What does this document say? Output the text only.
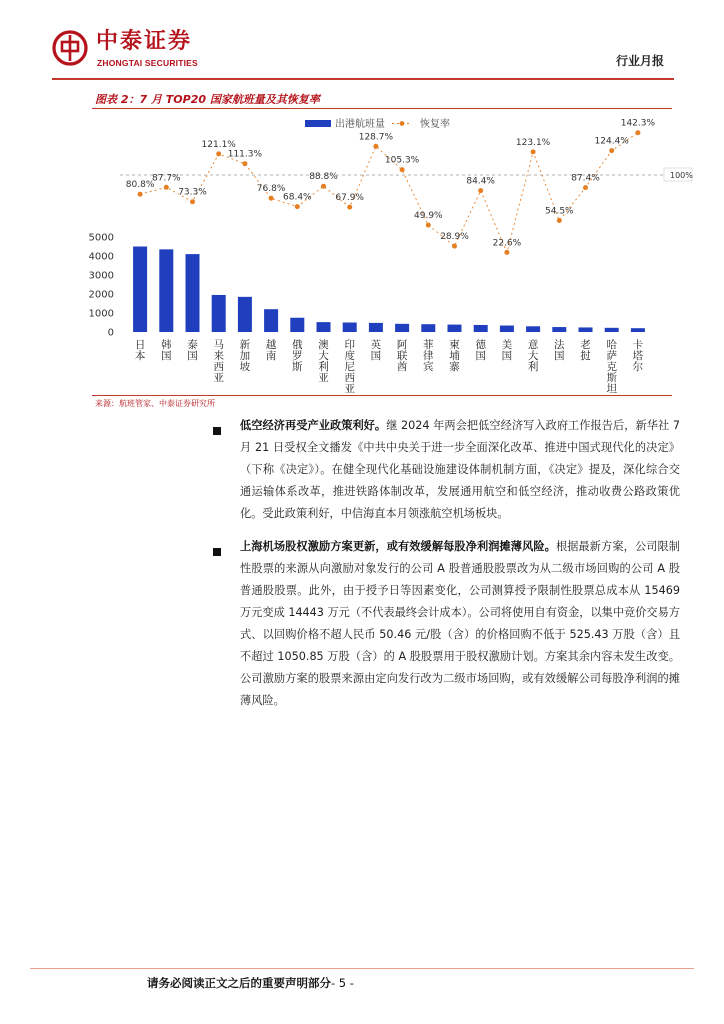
中泰证券
ZHONGTAI SECURITIES	行业月报
图表 2：7 月 TOP20 国家航班量及其恢复率
出港航班量	恢复率
100%
5000
4000
3000
2000
1000
0
80.8%
87.7%
73.3%
121.1%
111.3%
76.8%
68.4%
88.8%
67.9%
128.7%
105.3%
49.9%
28.9%
84.4%
22.6%
123.1%
54.5%
87.4%
124.4%
142.3%
日本
韩国
泰国
马来西亚
新加坡
越南
俄罗斯
澳大利亚
印度尼西亚
英国
阿联酋
菲律宾
柬埔寨
德国
美国
意大利
法国
老挝
哈萨克斯坦
卡塔尔
来源：航班管家、中泰证券研究所
低空经济再受产业政策利好。继 2024 年两会把低空经济写入政府工作报告后，新华社 7 月 21 日受权全文播发《中共中央关于进一步全面深化改革、推进中国式现代化的决定》（下称《决定》）。在健全现代化基础设施建设体制机制方面，《决定》提及，深化综合交通运输体系改革，推进铁路体制改革，发展通用航空和低空经济，推动收费公路政策优化。受此政策利好，中信海直本月领涨航空机场板块。
上海机场股权激励方案更新，或有效缓解每股净利润摊薄风险。根据最新方案，公司限制性股票的来源从向激励对象发行的公司 A 股普通股股票改为从二级市场回购的公司 A 股普通股股票。此外，由于授予日等因素变化，公司测算授予限制性股票总成本从 15469 万元变成 14443 万元（不代表最终会计成本）。公司将使用自有资金，以集中竞价交易方式、以回购价格不超人民币 50.46 元/股（含）的价格回购不低于 525.43 万股（含）且不超过 1050.85 万股（含）的 A 股股票用于股权激励计划。方案其余内容未发生改变。公司激励方案的股票来源由定向发行改为二级市场回购，或有效缓解公司每股净利润的摊薄风险。
请务必阅读正文之后的重要声明部分- 5 -
